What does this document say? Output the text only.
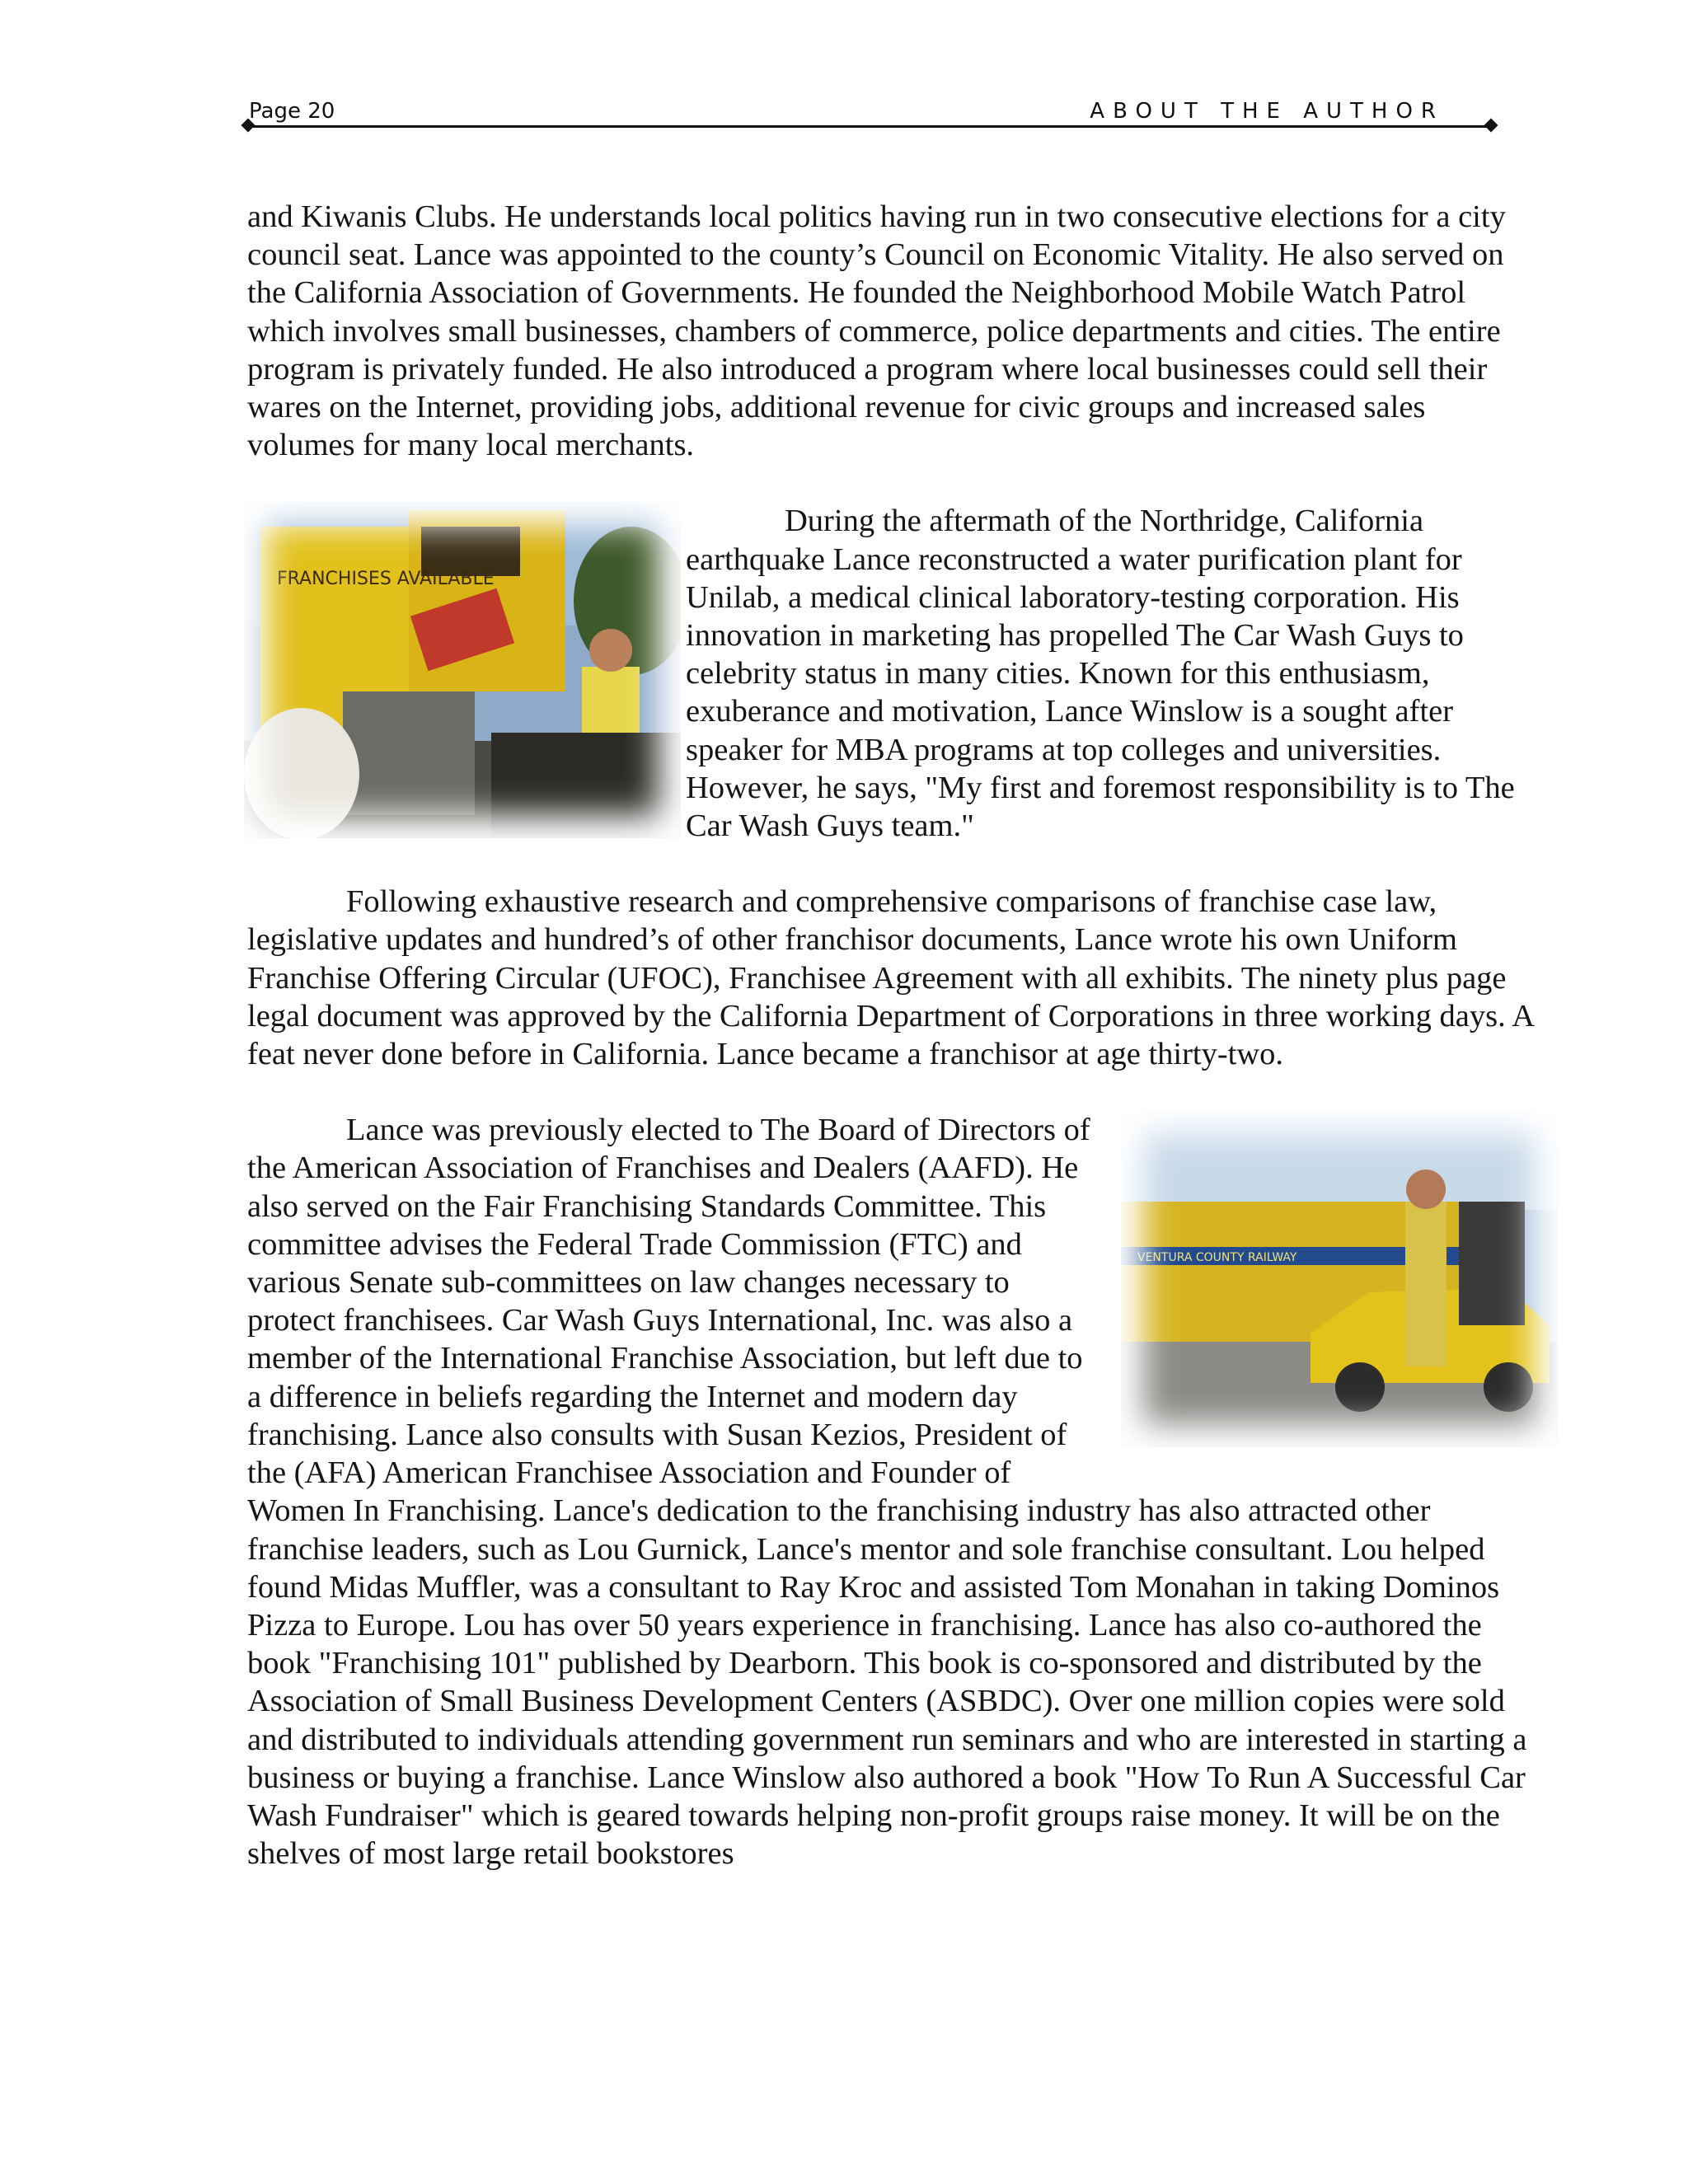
Page 20	ABOUT THE AUTHOR

and Kiwanis Clubs. He understands local politics having run in two consecutive elections for a city council seat. Lance was appointed to the county’s Council on Economic Vitality. He also served on the California Association of Governments. He founded the Neighborhood Mobile Watch Patrol which involves small businesses, chambers of commerce, police departments and cities. The entire program is privately funded. He also introduced a program where local businesses could sell their wares on the Internet, providing jobs, additional revenue for civic groups and increased sales volumes for many local merchants.

FRANCHISES AVAILABLE

During the aftermath of the Northridge, California earthquake Lance reconstructed a water purification plant for Unilab, a medical clinical laboratory-testing corporation. His innovation in marketing has propelled The Car Wash Guys to celebrity status in many cities. Known for this enthusiasm, exuberance and motivation, Lance Winslow is a sought after speaker for MBA programs at top colleges and universities. However, he says, "My first and foremost responsibility is to The Car Wash Guys team."

Following exhaustive research and comprehensive comparisons of franchise case law, legislative updates and hundred’s of other franchisor documents, Lance wrote his own Uniform Franchise Offering Circular (UFOC), Franchisee Agreement with all exhibits. The ninety plus page legal document was approved by the California Department of Corporations in three working days. A feat never done before in California. Lance became a franchisor at age thirty-two.

VENTURA COUNTY RAILWAY

Lance was previously elected to The Board of Directors of the American Association of Franchises and Dealers (AAFD). He also served on the Fair Franchising Standards Committee. This committee advises the Federal Trade Commission (FTC) and various Senate sub-committees on law changes necessary to protect franchisees. Car Wash Guys International, Inc. was also a member of the International Franchise Association, but left due to a difference in beliefs regarding the Internet and modern day franchising. Lance also consults with Susan Kezios, President of the (AFA) American Franchisee Association and Founder of Women In Franchising. Lance's dedication to the franchising industry has also attracted other franchise leaders, such as Lou Gurnick, Lance's mentor and sole franchise consultant. Lou helped found Midas Muffler, was a consultant to Ray Kroc and assisted Tom Monahan in taking Dominos Pizza to Europe. Lou has over 50 years experience in franchising. Lance has also co-authored the book "Franchising 101" published by Dearborn. This book is co-sponsored and distributed by the Association of Small Business Development Centers (ASBDC). Over one million copies were sold and distributed to individuals attending government run seminars and who are interested in starting a business or buying a franchise. Lance Winslow also authored a book "How To Run A Successful Car Wash Fundraiser" which is geared towards helping non-profit groups raise money. It will be on the shelves of most large retail bookstores
